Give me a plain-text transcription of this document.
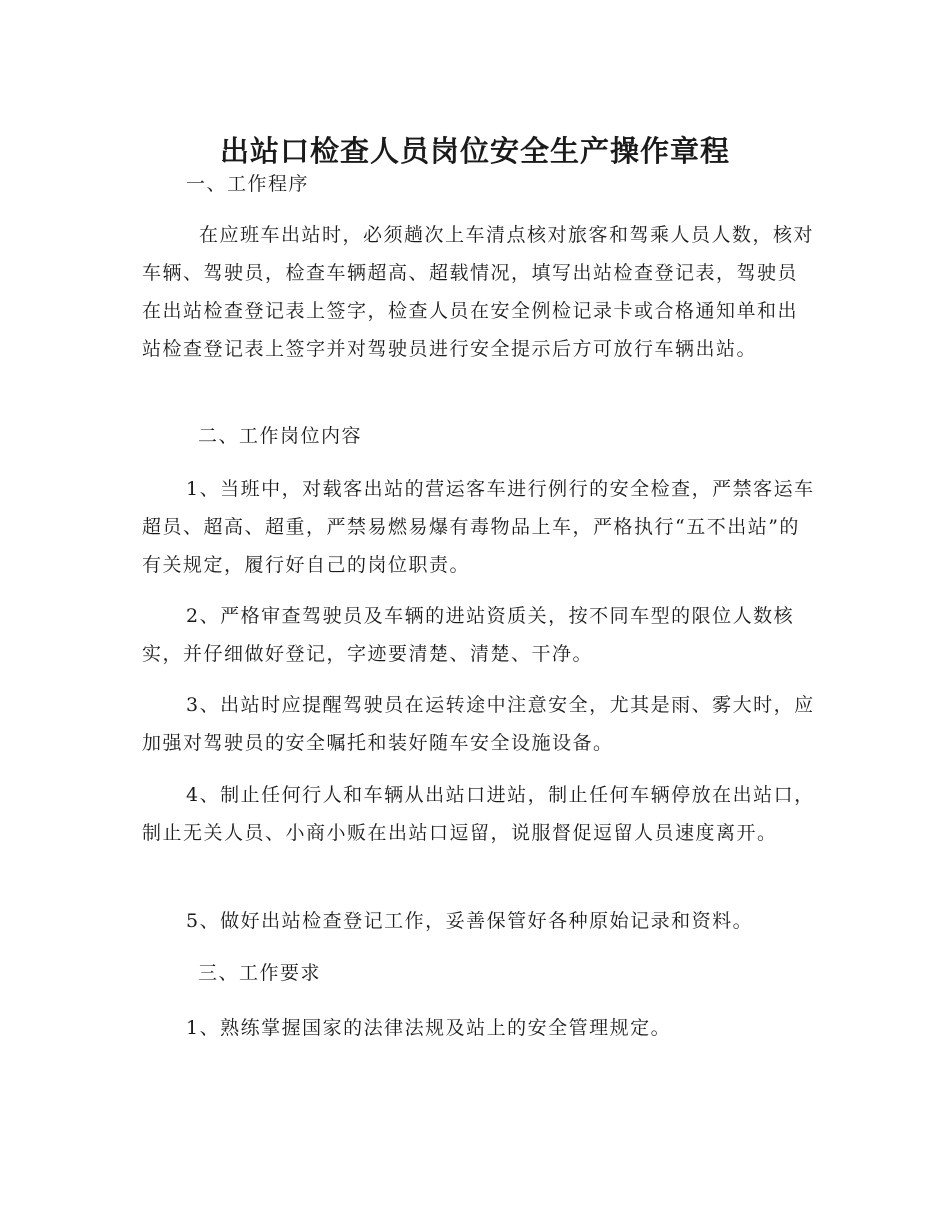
出站口检查人员岗位安全生产操作章程

一、工作程序

在应班车出站时，必须趟次上车清点核对旅客和驾乘人员人数，核对车辆、驾驶员，检查车辆超高、超载情况，填写出站检查登记表，驾驶员在出站检查登记表上签字，检查人员在安全例检记录卡或合格通知单和出站检查登记表上签字并对驾驶员进行安全提示后方可放行车辆出站。

二、工作岗位内容

1、当班中，对载客出站的营运客车进行例行的安全检查，严禁客运车超员、超高、超重，严禁易燃易爆有毒物品上车，严格执行“五不出站”的有关规定，履行好自己的岗位职责。

2、严格审查驾驶员及车辆的进站资质关，按不同车型的限位人数核实，并仔细做好登记，字迹要清楚、清楚、干净。

3、出站时应提醒驾驶员在运转途中注意安全，尤其是雨、雾大时，应加强对驾驶员的安全嘱托和装好随车安全设施设备。

4、制止任何行人和车辆从出站口进站，制止任何车辆停放在出站口，制止无关人员、小商小贩在出站口逗留，说服督促逗留人员速度离开。

5、做好出站检查登记工作，妥善保管好各种原始记录和资料。

三、工作要求

1、熟练掌握国家的法律法规及站上的安全管理规定。
